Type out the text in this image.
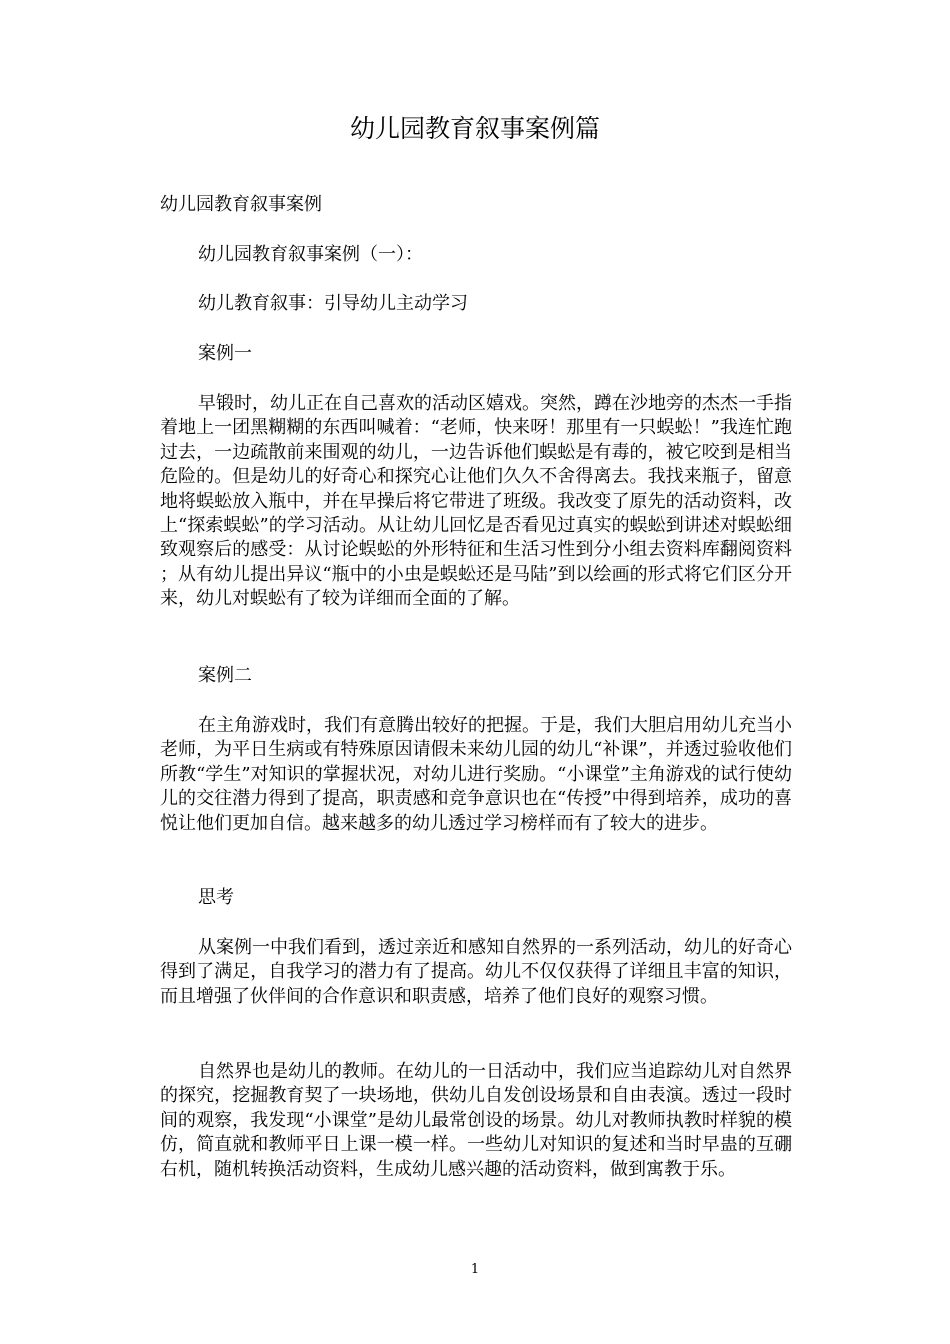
幼儿园教育叙事案例篇
幼儿园教育叙事案例
幼儿园教育叙事案例（一）：
幼儿教育叙事：引导幼儿主动学习
案例一
早锻时，幼儿正在自己喜欢的活动区嬉戏。突然，蹲在沙地旁的杰杰一手指着地上一团黑糊糊的东西叫喊着：“老师，快来呀！那里有一只蜈蚣！”我连忙跑过去，一边疏散前来围观的幼儿，一边告诉他们蜈蚣是有毒的，被它咬到是相当危险的。但是幼儿的好奇心和探究心让他们久久不舍得离去。我找来瓶子，留意地将蜈蚣放入瓶中，并在早操后将它带进了班级。我改变了原先的活动资料，改上“探索蜈蚣”的学习活动。从让幼儿回忆是否看见过真实的蜈蚣到讲述对蜈蚣细致观察后的感受：从讨论蜈蚣的外形特征和生活习性到分小组去资料库翻阅资料；从有幼儿提出异议“瓶中的小虫是蜈蚣还是马陆”到以绘画的形式将它们区分开来，幼儿对蜈蚣有了较为详细而全面的了解。
案例二
在主角游戏时，我们有意腾出较好的把握。于是，我们大胆启用幼儿充当小老师，为平日生病或有特殊原因请假未来幼儿园的幼儿“补课”，并透过验收他们所教“学生”对知识的掌握状况，对幼儿进行奖励。“小课堂”主角游戏的试行使幼儿的交往潜力得到了提高，职责感和竞争意识也在“传授”中得到培养，成功的喜悦让他们更加自信。越来越多的幼儿透过学习榜样而有了较大的进步。
思考
从案例一中我们看到，透过亲近和感知自然界的一系列活动，幼儿的好奇心得到了满足，自我学习的潜力有了提高。幼儿不仅仅获得了详细且丰富的知识，而且增强了伙伴间的合作意识和职责感，培养了他们良好的观察习惯。
自然界也是幼儿的教师。在幼儿的一日活动中，我们应当追踪幼儿对自然界的探究，挖掘教育契了一块场地，供幼儿自发创设场景和自由表演。透过一段时间的观察，我发现“小课堂”是幼儿最常创设的场景。幼儿对教师执教时样貌的模仿，简直就和教师平日上课一模一样。一些幼儿对知识的复述和当时早蛊的互硼右机，随机转换活动资料，生成幼儿感兴趣的活动资料，做到寓教于乐。
1
